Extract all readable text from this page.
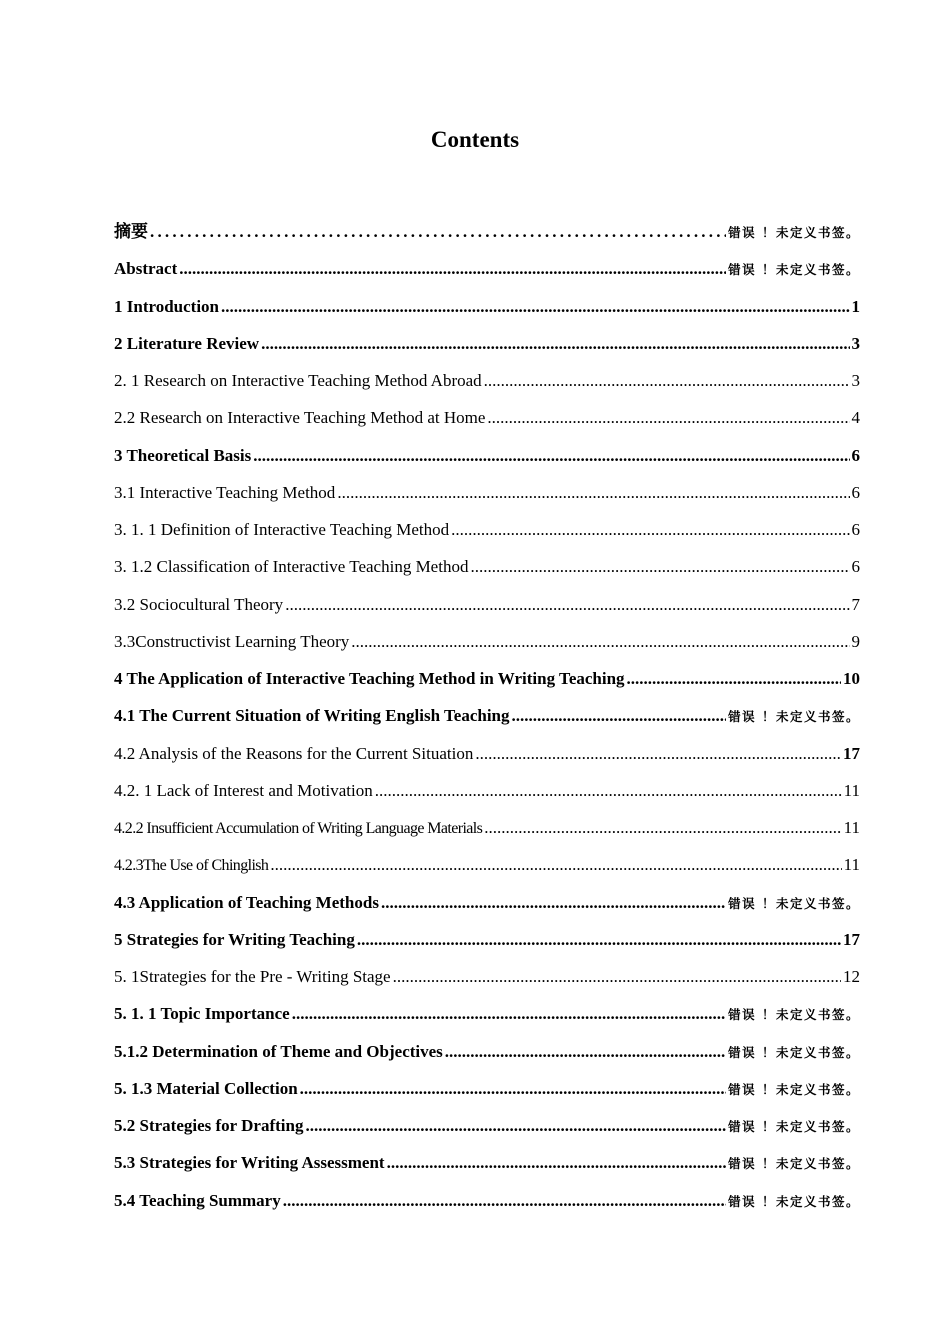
Contents
摘要 .....	错误 ！未定义书签。
Abstract .....	错误 ！未定义书签。
1 Introduction .....	1
2 Literature Review .....	3
2. 1 Research on Interactive Teaching Method Abroad .....	3
2.2 Research on Interactive Teaching Method at Home .....	4
3 Theoretical Basis .....	6
3.1 Interactive Teaching Method .....	6
3. 1. 1 Definition of Interactive Teaching Method .....	6
3. 1.2 Classification of Interactive Teaching Method .....	6
3.2 Sociocultural Theory .....	7
3.3Constructivist Learning Theory .....	9
4 The Application of Interactive Teaching Method in Writing Teaching .....	10
4.1 The Current Situation of Writing English Teaching .....	错误 ！未定义书签。
4.2 Analysis of the Reasons for the Current Situation .....	17
4.2. 1 Lack of Interest and Motivation .....	11
4.2.2 Insufficient Accumulation of Writing Language Materials .....	11
4.2.3The Use of Chinglish .....	11
4.3 Application of Teaching Methods .....	错误 ！未定义书签。
5 Strategies for Writing Teaching .....	17
5. 1Strategies for the Pre - Writing Stage .....	12
5. 1. 1 Topic Importance .....	错误 ！未定义书签。
5.1.2 Determination of Theme and Objectives .....	错误 ！未定义书签。
5. 1.3 Material Collection .....	错误 ！未定义书签。
5.2 Strategies for Drafting .....	错误 ！未定义书签。
5.3 Strategies for Writing Assessment .....	错误 ！未定义书签。
5.4 Teaching Summary .....	错误 ！未定义书签。
